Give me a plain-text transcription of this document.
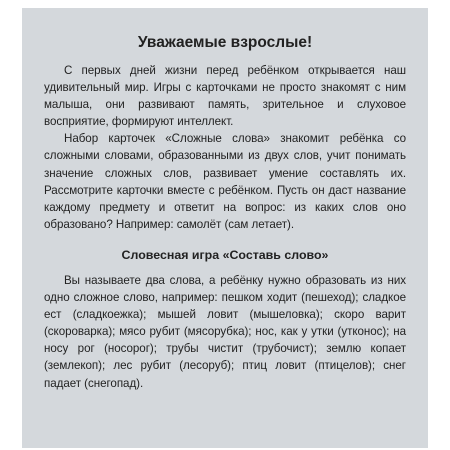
Уважаемые взрослые!

С первых дней жизни перед ребёнком открывается наш удивительный мир. Игры с карточками не просто знакомят с ним малыша, они развивают память, зрительное и слуховое восприятие, формируют интеллект.

Набор карточек «Сложные слова» знакомит ребёнка со сложными словами, образованными из двух слов, учит понимать значение сложных слов, развивает умение составлять их. Рассмотрите карточки вместе с ребёнком. Пусть он даст название каждому предмету и ответит на вопрос: из каких слов оно образовано? Например: самолёт (сам летает).

Словесная игра «Составь слово»

Вы называете два слова, а ребёнку нужно образовать из них одно сложное слово, например: пешком ходит (пешеход); сладкое ест (сладкоежка); мышей ловит (мышеловка); скоро варит (скороварка); мясо рубит (мясорубка); нос, как у утки (утконос); на носу рог (носорог); трубы чистит (трубочист); землю копает (землекоп); лес рубит (лесоруб); птиц ловит (птицелов); снег падает (снегопад).
